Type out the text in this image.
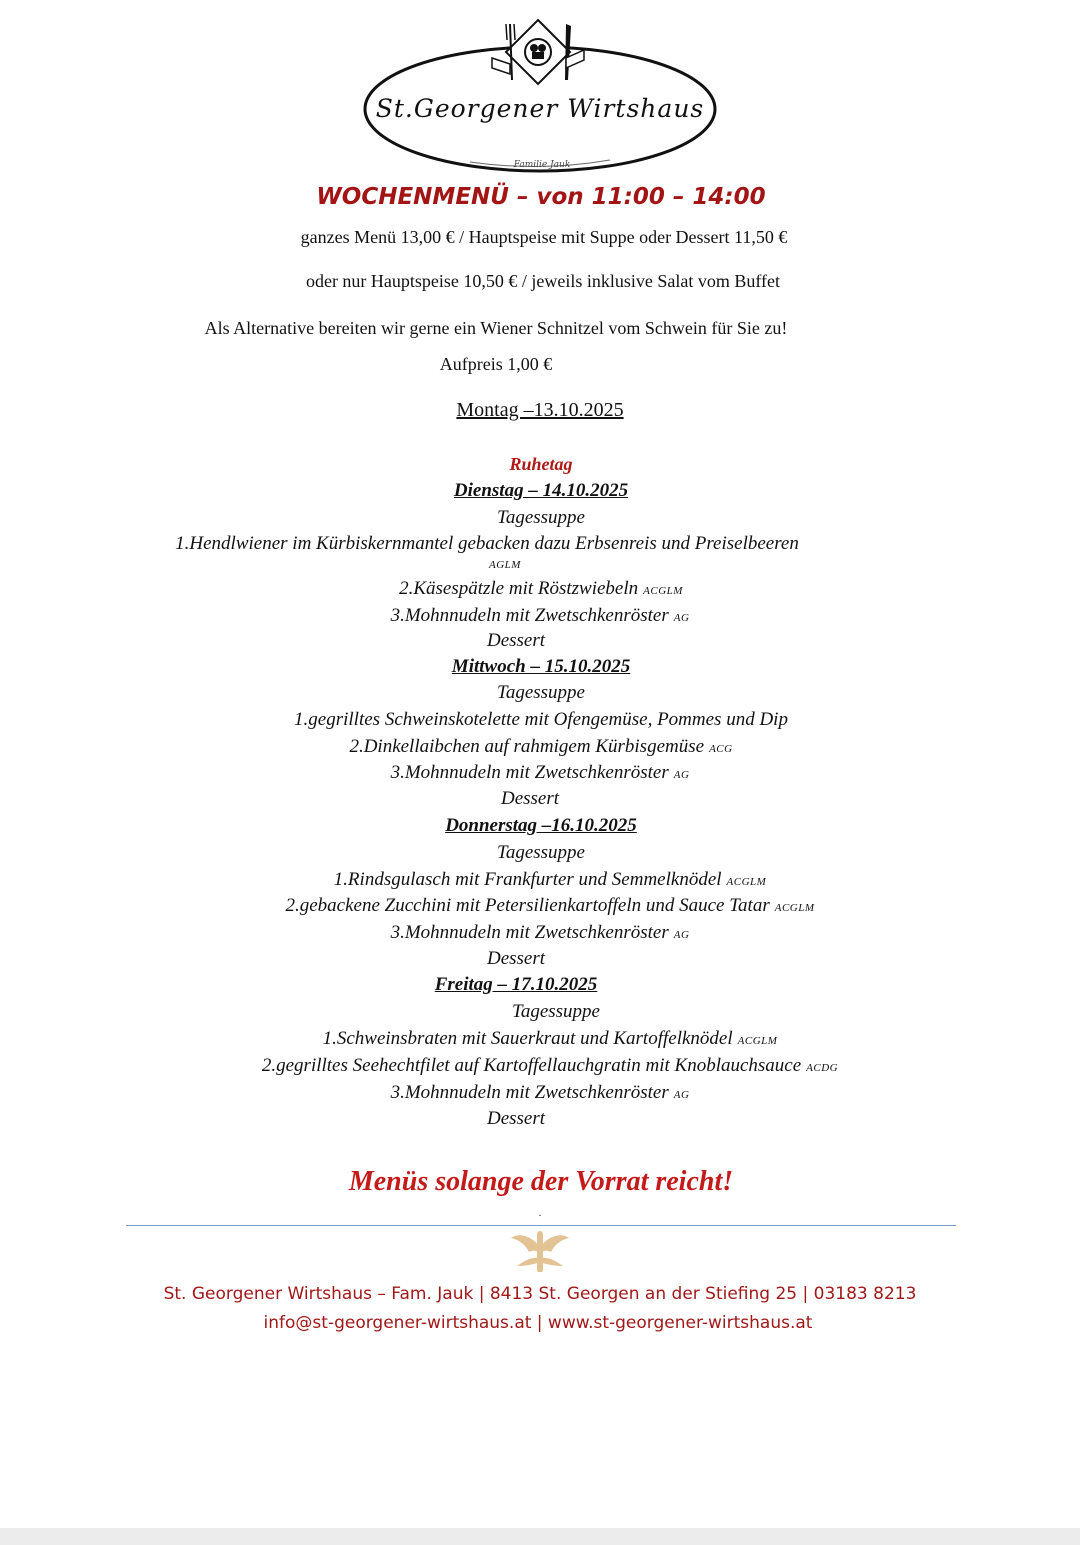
St.Georgener Wirtshaus
Familie Jauk
WOCHENMENÜ – von 11:00 – 14:00
ganzes Menü 13,00 € / Hauptspeise mit Suppe oder Dessert 11,50 €
oder nur Hauptspeise 10,50 € / jeweils inklusive Salat vom Buffet
Als Alternative bereiten wir gerne ein Wiener Schnitzel vom Schwein für Sie zu!
Aufpreis 1,00 €
Montag –13.10.2025
Ruhetag
Dienstag – 14.10.2025
Tagessuppe
1.Hendlwiener im Kürbiskernmantel gebacken dazu Erbsenreis und Preiselbeeren
AGLM
2.Käsespätzle mit Röstzwiebeln ACGLM
3.Mohnnudeln mit Zwetschkenröster AG
Dessert
Mittwoch – 15.10.2025
Tagessuppe
1.gegrilltes Schweinskotelette mit Ofengemüse, Pommes und Dip
2.Dinkellaibchen auf rahmigem Kürbisgemüse ACG
3.Mohnnudeln mit Zwetschkenröster AG
Dessert
Donnerstag –16.10.2025
Tagessuppe
1.Rindsgulasch mit Frankfurter und Semmelknödel ACGLM
2.gebackene Zucchini mit Petersilienkartoffeln und Sauce Tatar ACGLM
3.Mohnnudeln mit Zwetschkenröster AG
Dessert
Freitag – 17.10.2025
Tagessuppe
1.Schweinsbraten mit Sauerkraut und Kartoffelknödel ACGLM
2.gegrilltes Seehechtfilet auf Kartoffellauchgratin mit Knoblauchsauce ACDG
3.Mohnnudeln mit Zwetschkenröster AG
Dessert
Menüs solange der Vorrat reicht!
.
St. Georgener Wirtshaus – Fam. Jauk | 8413 St. Georgen an der Stiefing 25 | 03183 8213
info@st-georgener-wirtshaus.at | www.st-georgener-wirtshaus.at
